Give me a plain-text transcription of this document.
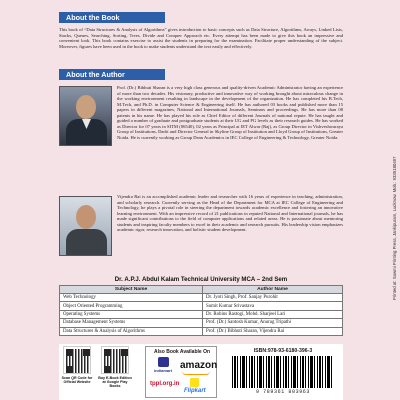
About the Book

This book of “Data Structures & Analysis of Algorithms” gives introduction to basic concepts such as Data Structure, Algorithms, Arrays, Linked Lists, Stacks, Queues, Searching, Sorting, Trees, Divide and Conquer Approach etc. Every attempt has been made to give this book an impressive and convenient look. This book contains exercise to assist the students in preparing for the examination. Facilitate proper understanding of the subject. Moreover, figures have been used in the book to make students understand the text easily and effectively.

About the Author

Prof. (Dr.) Bibhuti Sharan is a very high class generous and quality-driven Academic Administrator having an experience of more than two decades. His visionary, productive and innovative way of working brought about miraculous change in the working environment resulting in landscape in the development of the organization. He has completed his B.Tech, M.Tech, and Ph.D. in Computer Science & Engineering itself. He has authored 03 books and published more than 15 papers in different magazines, National and International Journals, Seminars and proceedings. He has more than 08 patents in his name. He has played his role as Chief Editor of different Journals of national repute. He has taught and guided a number of graduate and postgraduate students at their UG and PG levels as their research guides. He has worked as Director for 07 years in SITM (06540), 02 years as Principal at IET Alwar (Raj), as Group Director in Vishveshwaraya Group of Institutions, Dadri and Director General in Skyline Group of Institution and Lloyd Group of Institutions, Greater Noida. He is currently working as Group Dean Academics in IEC College of Engineering & Technology, Greater Noida.

Vijendra Rai is an accomplished academic leader and researcher with 16 years of experience in teaching, administration, and scholarly research. Currently serving as the Head of the Department for MCA at IEC College of Engineering and Technology, he plays a pivotal role in steering the department towards academic excellence and fostering an innovative learning environment. With an impressive record of 21 publications in reputed National and International journals, he has made significant contributions to the field of computer applications and related areas. He is passionate about mentoring students and inspiring faculty members to excel in their academic and research pursuits. His leadership vision emphasizes academic rigor, research innovation, and holistic student development.

Dr. A.P.J. Abdul Kalam Technical University MCA – 2nd Sem
Subject Name	Author Name
Web Technology	Dr. Jyoti Singh, Prof. Sanjay Purohit
Object Oriented Programming	Sumit Kumar Srivastava
Operating Systems	Dr. Robins Rastogi, Mohd. Sharjeel Lari
Database Management Systems	Prof. (Dr.) Santosh Kumar, Anurag Tripathi
Data Structures & Analysis of Algorithms	Prof. (Dr.) Bibhuti Sharan, Vijendra Rai
Printed at: Sowmi Printing Press, Jankipuram, Lucknow. Mob.: 9335180497
Scan QR Code for Official Website
Buy E-Book Edition at Google Play Books
Also Book Available On
indiamart amazon
tppl.org.in
Flipkart
ISBN:978-93-6180-396-3
9 789361 803963
